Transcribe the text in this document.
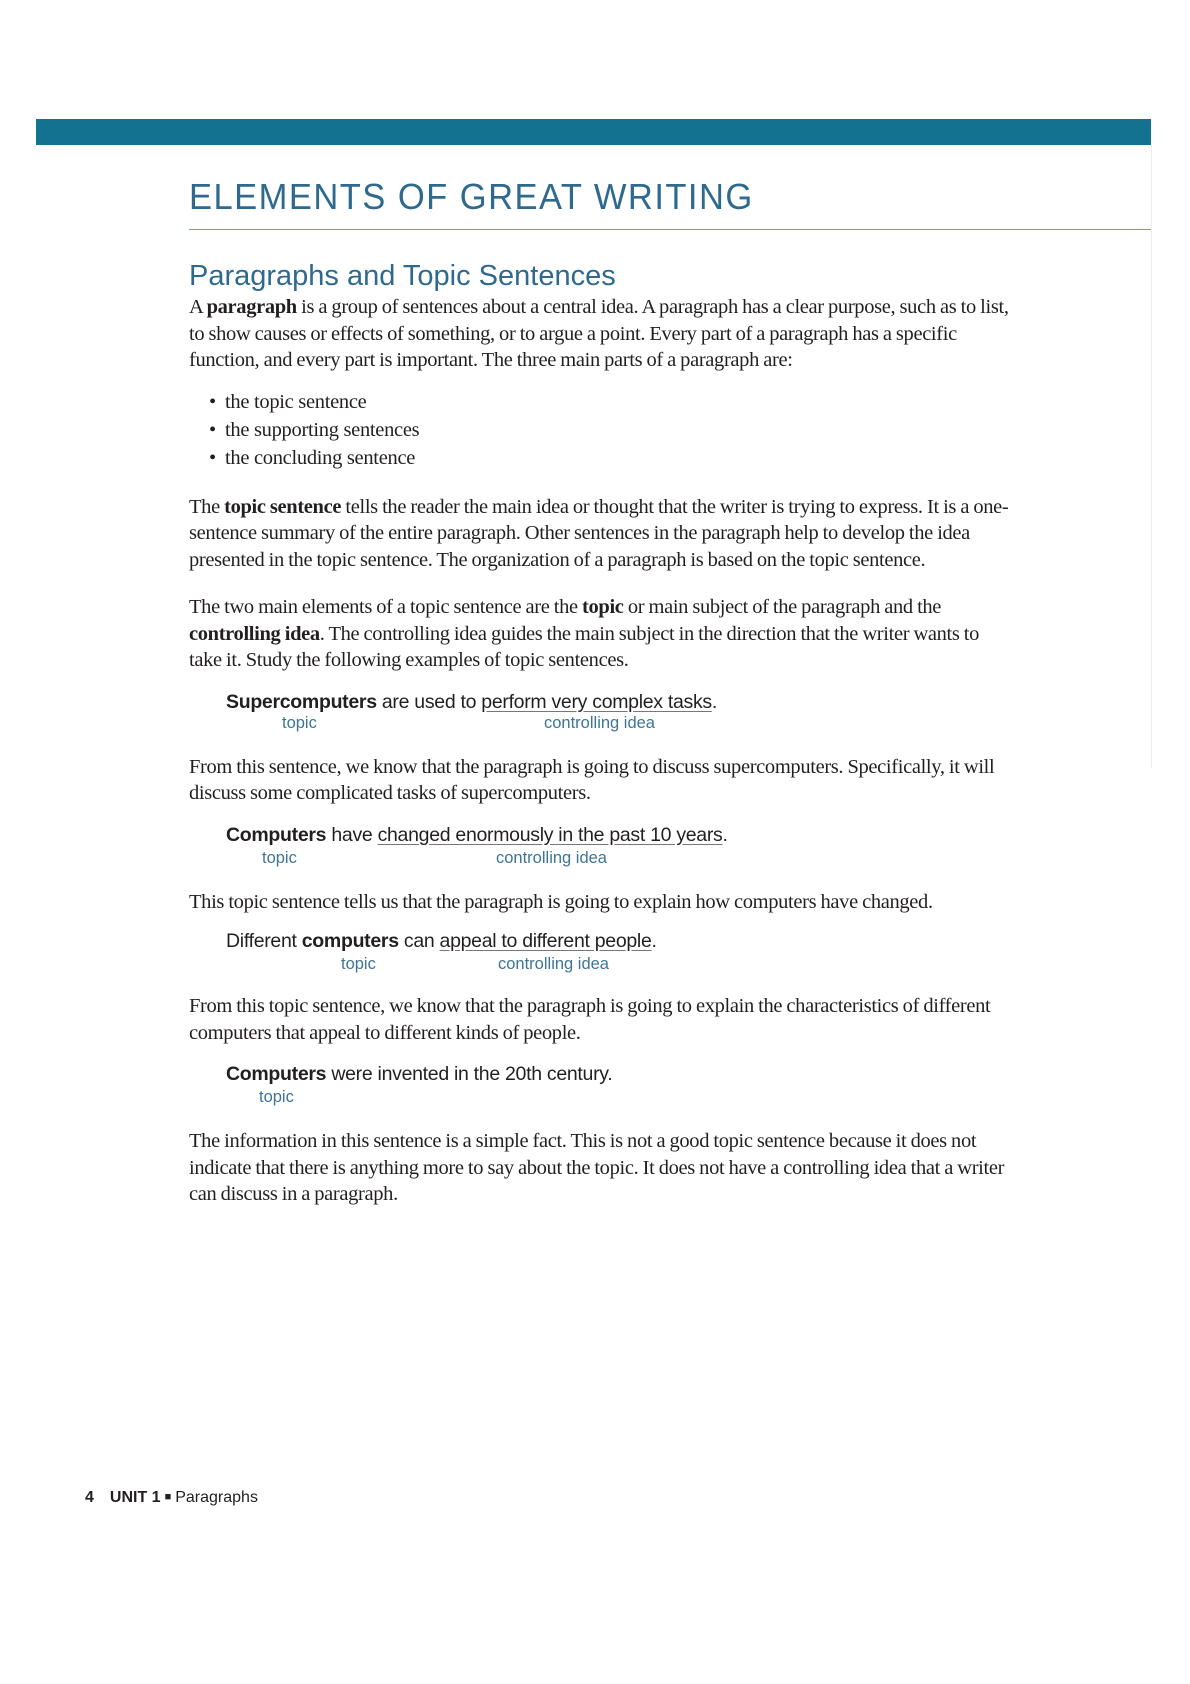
ELEMENTS OF GREAT WRITING
Paragraphs and Topic Sentences

A paragraph is a group of sentences about a central idea. A paragraph has a clear purpose, such as to list, to show causes or effects of something, or to argue a point. Every part of a paragraph has a specific function, and every part is important. The three main parts of a paragraph are:

• the topic sentence
• the supporting sentences
• the concluding sentence

The topic sentence tells the reader the main idea or thought that the writer is trying to express. It is a one-sentence summary of the entire paragraph. Other sentences in the paragraph help to develop the idea presented in the topic sentence. The organization of a paragraph is based on the topic sentence.

The two main elements of a topic sentence are the topic or main subject of the paragraph and the controlling idea. The controlling idea guides the main subject in the direction that the writer wants to take it. Study the following examples of topic sentences.

Supercomputers are used to perform very complex tasks.
topic	controlling idea

From this sentence, we know that the paragraph is going to discuss supercomputers. Specifically, it will discuss some complicated tasks of supercomputers.

Computers have changed enormously in the past 10 years.
topic	controlling idea

This topic sentence tells us that the paragraph is going to explain how computers have changed.

Different computers can appeal to different people.
topic	controlling idea

From this topic sentence, we know that the paragraph is going to explain the characteristics of different computers that appeal to different kinds of people.

Computers were invented in the 20th century.
topic

The information in this sentence is a simple fact. This is not a good topic sentence because it does not indicate that there is anything more to say about the topic. It does not have a controlling idea that a writer can discuss in a paragraph.

4 UNIT 1 ■ Paragraphs
